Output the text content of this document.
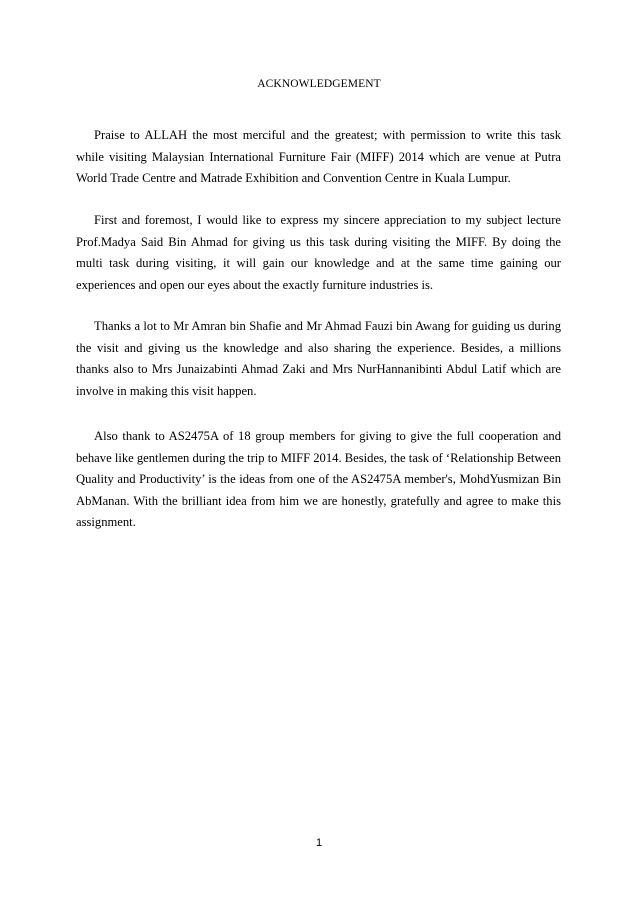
ACKNOWLEDGEMENT

Praise to ALLAH the most merciful and the greatest; with permission to write this task while visiting Malaysian International Furniture Fair (MIFF) 2014 which are venue at Putra World Trade Centre and Matrade Exhibition and Convention Centre in Kuala Lumpur.

First and foremost, I would like to express my sincere appreciation to my subject lecture Prof.Madya Said Bin Ahmad for giving us this task during visiting the MIFF. By doing the multi task during visiting, it will gain our knowledge and at the same time gaining our experiences and open our eyes about the exactly furniture industries is.

Thanks a lot to Mr Amran bin Shafie and Mr Ahmad Fauzi bin Awang for guiding us during the visit and giving us the knowledge and also sharing the experience. Besides, a millions thanks also to Mrs Junaizabinti Ahmad Zaki and Mrs NurHannanibinti Abdul Latif which are involve in making this visit happen.

Also thank to AS2475A of 18 group members for giving to give the full cooperation and behave like gentlemen during the trip to MIFF 2014. Besides, the task of ‘Relationship Between Quality and Productivity’ is the ideas from one of the AS2475A member's, MohdYusmizan Bin AbManan. With the brilliant idea from him we are honestly, gratefully and agree to make this assignment.

1
